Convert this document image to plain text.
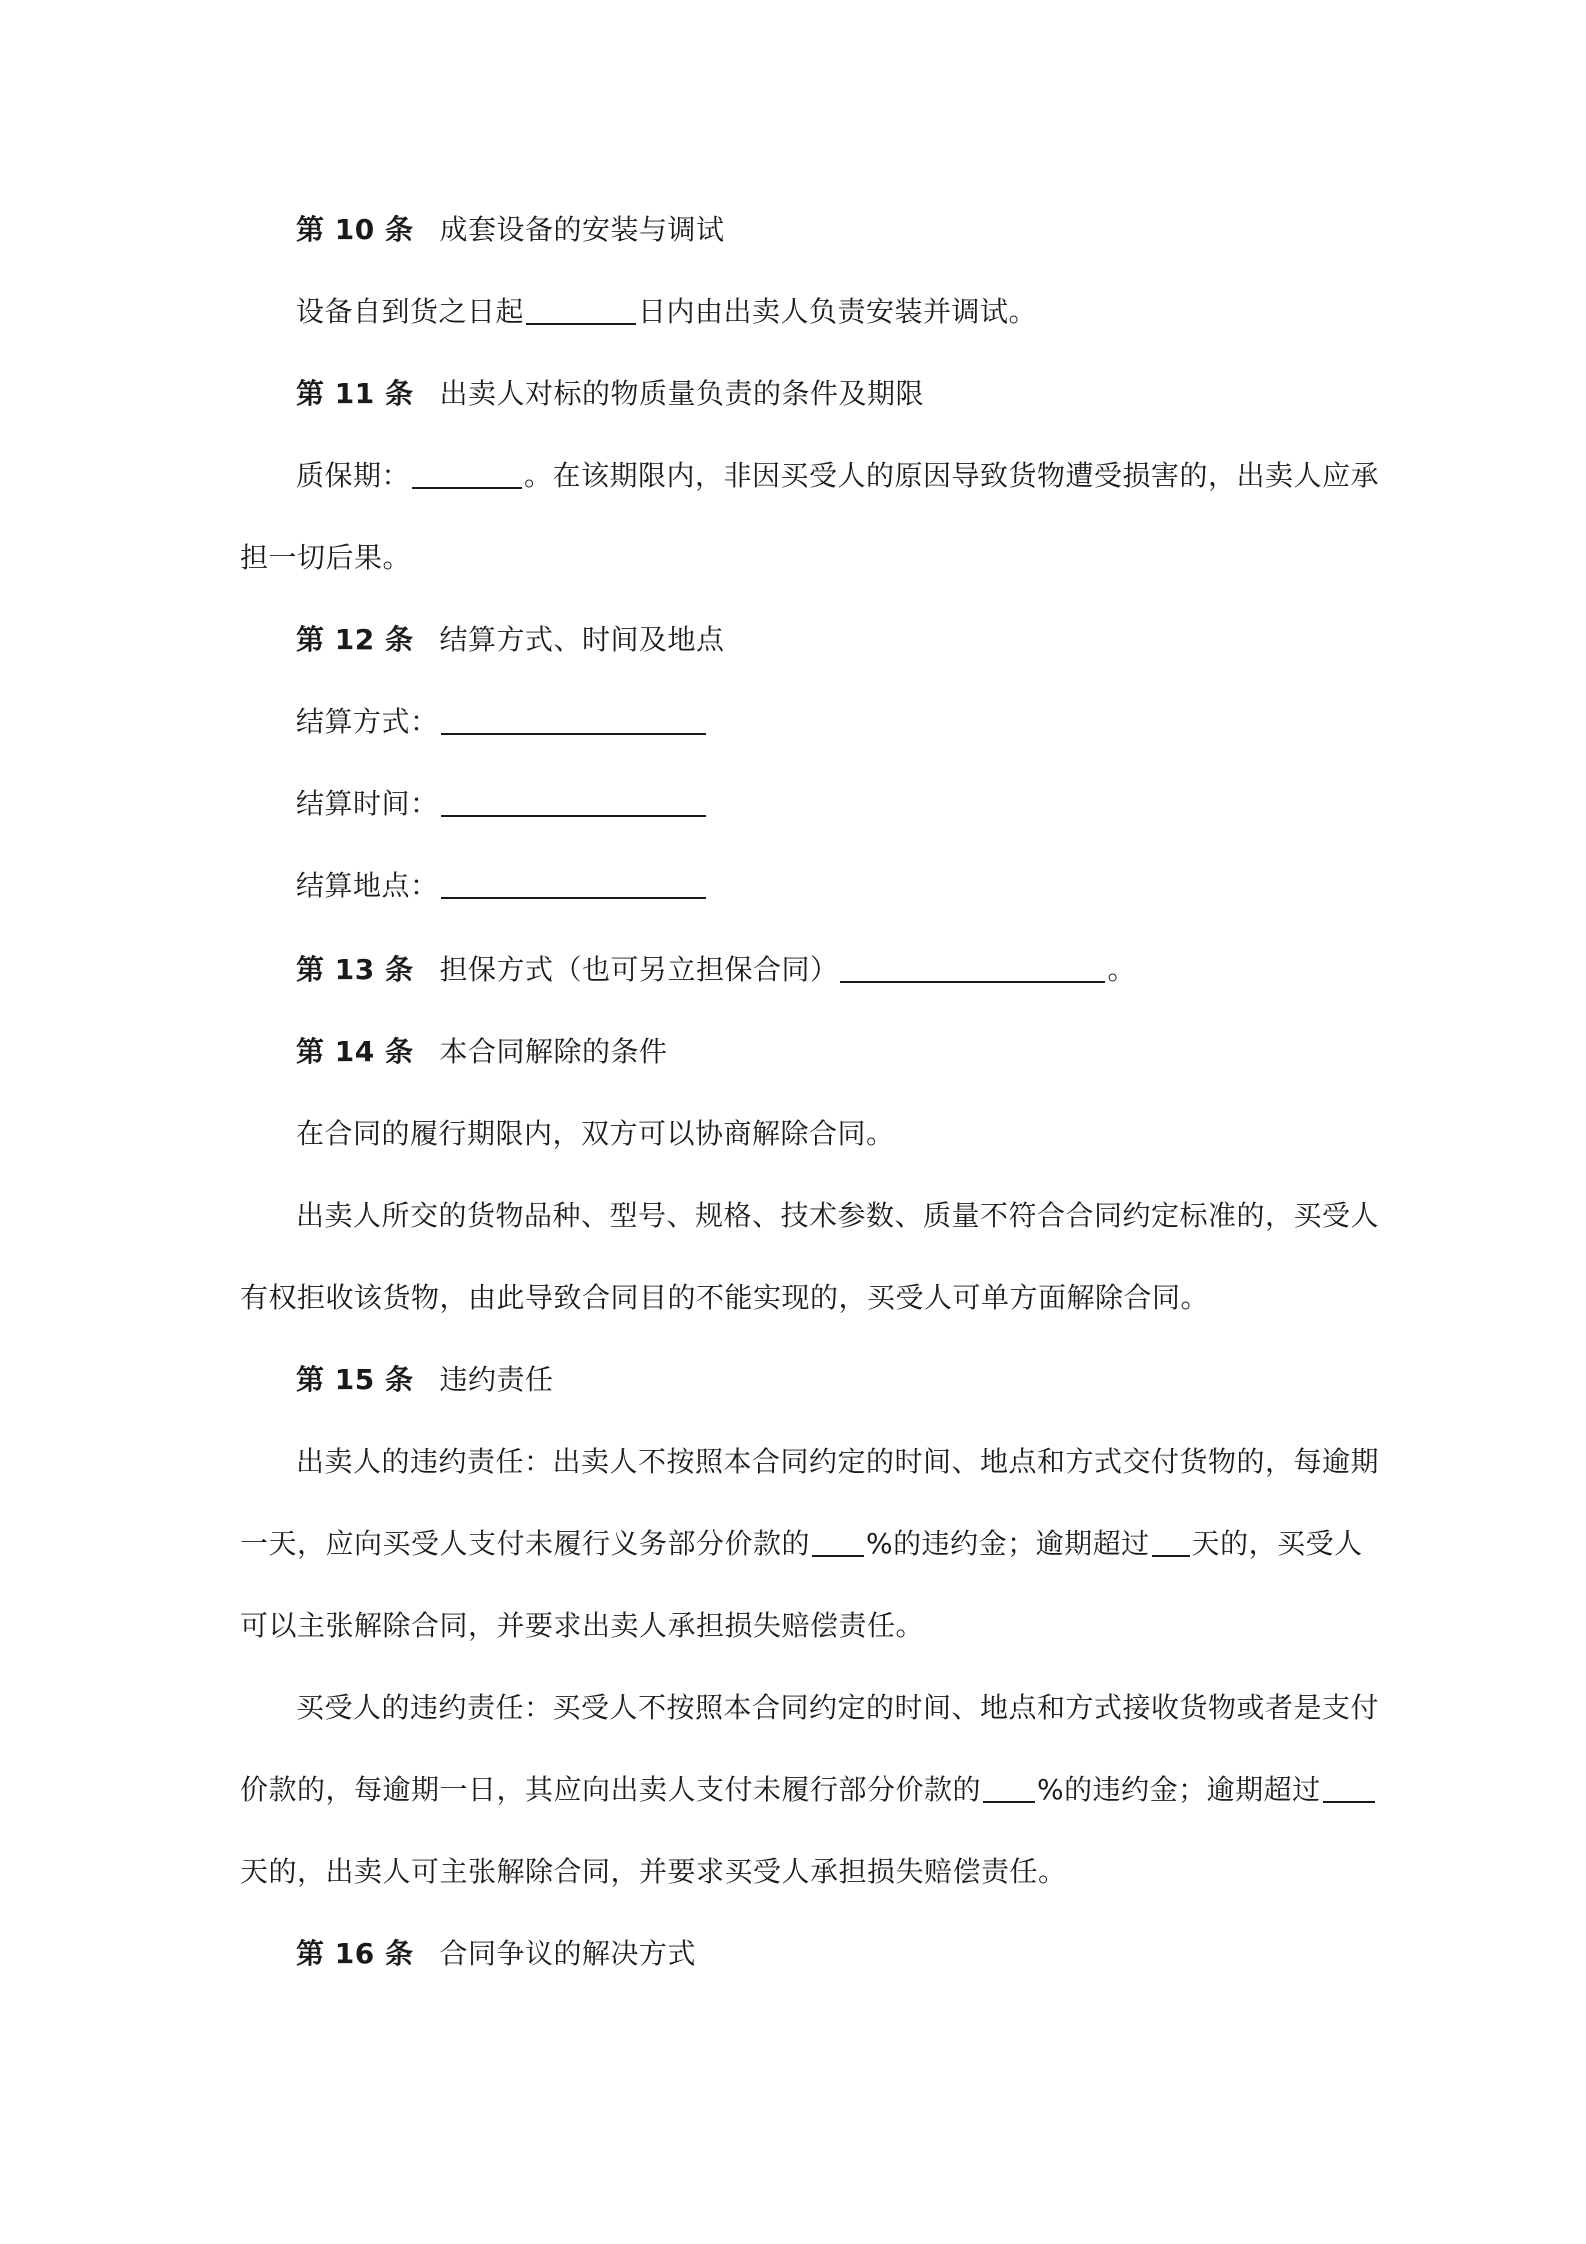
第 10 条 成套设备的安装与调试
设备自到货之日起	日内由出卖人负责安装并调试。
第 11 条 出卖人对标的物质量负责的条件及期限
质保期：	。在该期限内，非因买受人的原因导致货物遭受损害的，出卖人应承
担一切后果。
第 12 条 结算方式、时间及地点
结算方式：
结算时间：
结算地点：
第 13 条 担保方式（也可另立担保合同）	。
第 14 条 本合同解除的条件
在合同的履行期限内，双方可以协商解除合同。
出卖人所交的货物品种、型号、规格、技术参数、质量不符合合同约定标准的，买受人
有权拒收该货物，由此导致合同目的不能实现的，买受人可单方面解除合同。
第 15 条 违约责任
出卖人的违约责任：出卖人不按照本合同约定的时间、地点和方式交付货物的，每逾期
一天，应向买受人支付未履行义务部分价款的 %的违约金；逾期超过 天的，买受人
可以主张解除合同，并要求出卖人承担损失赔偿责任。
买受人的违约责任：买受人不按照本合同约定的时间、地点和方式接收货物或者是支付
价款的，每逾期一日，其应向出卖人支付未履行部分价款的 %的违约金；逾期超过
天的，出卖人可主张解除合同，并要求买受人承担损失赔偿责任。
第 16 条 合同争议的解决方式
